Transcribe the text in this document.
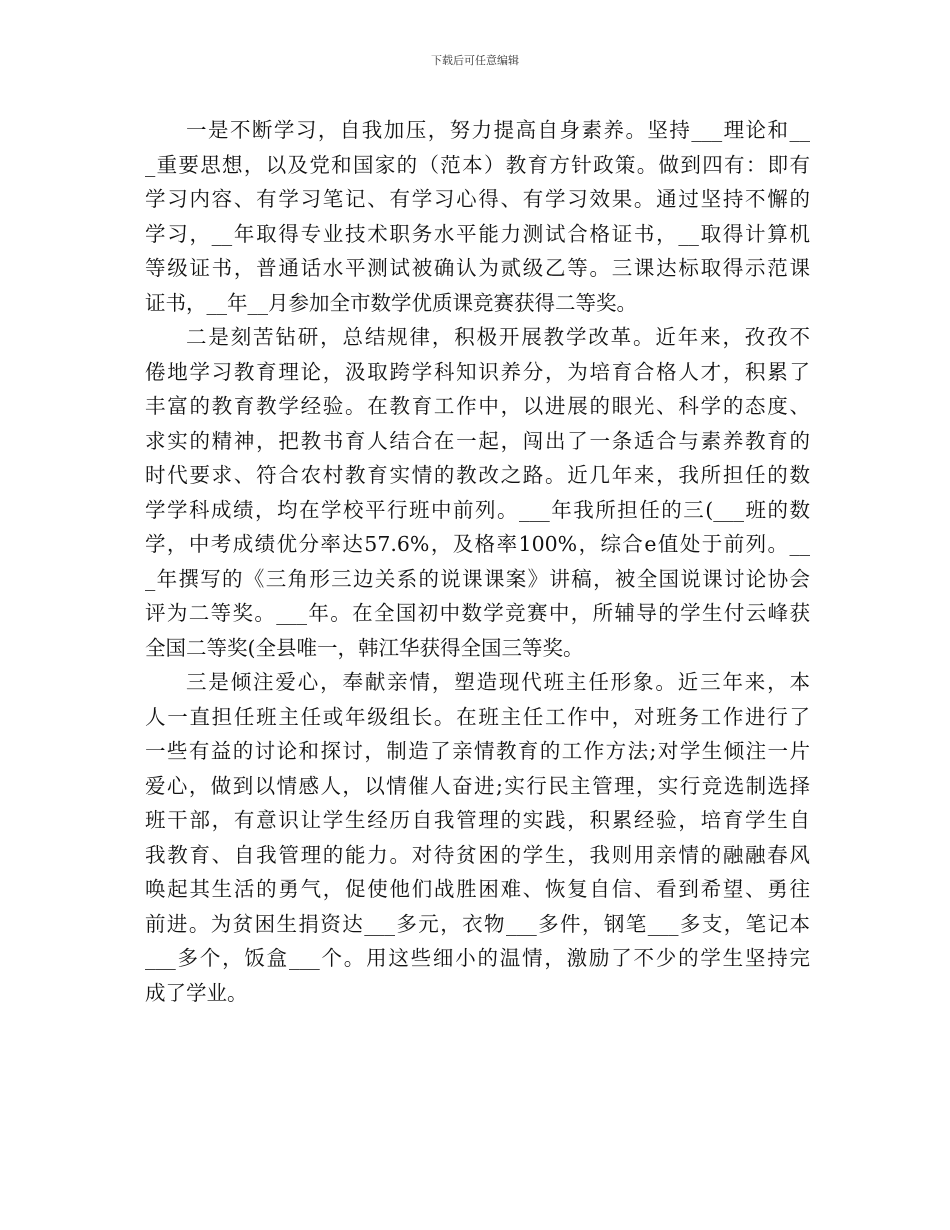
下载后可任意编辑
一是不断学习，自我加压，努力提高自身素养。坚持___理论和__
_重要思想，以及党和国家的（范本）教育方针政策。做到四有：即有
学习内容、有学习笔记、有学习心得、有学习效果。通过坚持不懈的
学习，__年取得专业技术职务水平能力测试合格证书，__取得计算机
等级证书，普通话水平测试被确认为贰级乙等。三课达标取得示范课
证书，__年__月参加全市数学优质课竞赛获得二等奖。
二是刻苦钻研，总结规律，积极开展教学改革。近年来，孜孜不
倦地学习教育理论，汲取跨学科知识养分，为培育合格人才，积累了
丰富的教育教学经验。在教育工作中，以进展的眼光、科学的态度、
求实的精神，把教书育人结合在一起，闯出了一条适合与素养教育的
时代要求、符合农村教育实情的教改之路。近几年来，我所担任的数
学学科成绩，均在学校平行班中前列。___年我所担任的三(___班的数
学，中考成绩优分率达57.6%，及格率100%，综合e值处于前列。__
_年撰写的《三角形三边关系的说课课案》讲稿，被全国说课讨论协会
评为二等奖。___年。在全国初中数学竞赛中，所辅导的学生付云峰获
全国二等奖(全县唯一，韩江华获得全国三等奖。
三是倾注爱心，奉献亲情，塑造现代班主任形象。近三年来，本
人一直担任班主任或年级组长。在班主任工作中，对班务工作进行了
一些有益的讨论和探讨，制造了亲情教育的工作方法;对学生倾注一片
爱心，做到以情感人，以情催人奋进;实行民主管理，实行竞选制选择
班干部，有意识让学生经历自我管理的实践，积累经验，培育学生自
我教育、自我管理的能力。对待贫困的学生，我则用亲情的融融春风
唤起其生活的勇气，促使他们战胜困难、恢复自信、看到希望、勇往
前进。为贫困生捐资达___多元，衣物___多件，钢笔___多支，笔记本
___多个，饭盒___个。用这些细小的温情，激励了不少的学生坚持完
成了学业。
